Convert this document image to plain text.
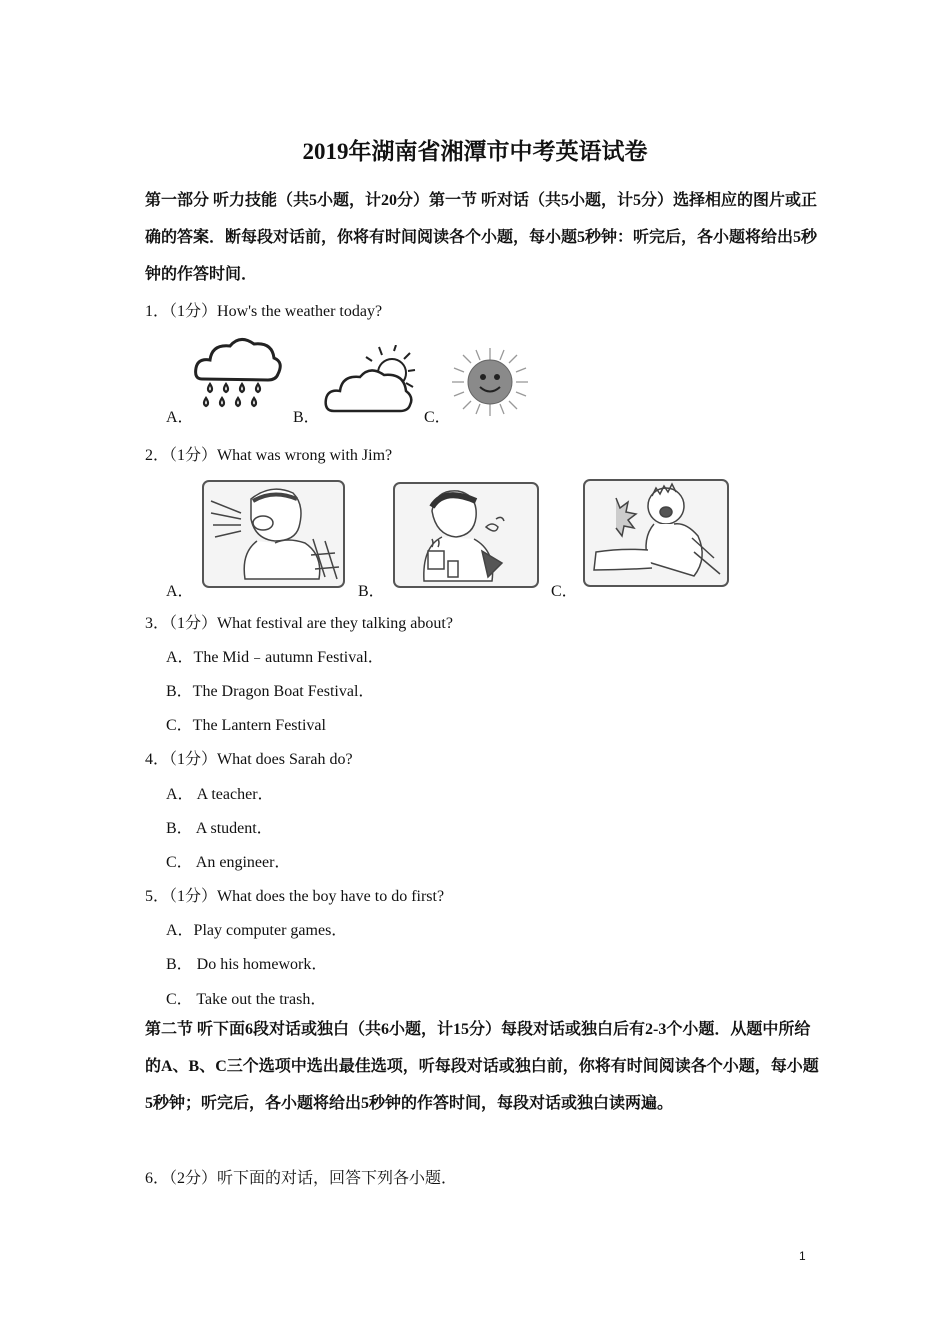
2019年湖南省湘潭市中考英语试卷
第一部分 听力技能（共5小题，计20分）第一节 听对话（共5小题，计5分）选择相应的图片或正确的答案．断每段对话前，你将有时间阅读各个小题，每小题5秒钟：听完后，各小题将给出5秒钟的作答时间．
1．（1分）How's the weather today?
A．	B．	C．
2．（1分）What was wrong with Jim?
A．	B．	C．
3．（1分）What festival are they talking about?
A．The Mid﹣autumn Festival．
B．The Dragon Boat Festival．
C．The Lantern Festival
4．（1分）What does Sarah do?
A． A teacher．
B． A student．
C． An engineer．
5．（1分）What does the boy have to do first?
A．Play computer games．
B． Do his homework．
C． Take out the trash．
第二节 听下面6段对话或独白（共6小题，计15分）每段对话或独白后有2-3个小题．从题中所给的A、B、C三个选项中选出最佳选项，听每段对话或独白前，你将有时间阅读各个小题，每小题5秒钟；听完后，各小题将给出5秒钟的作答时间，每段对话或独白读两遍。
6．（2分）听下面的对话，回答下列各小题．
1
